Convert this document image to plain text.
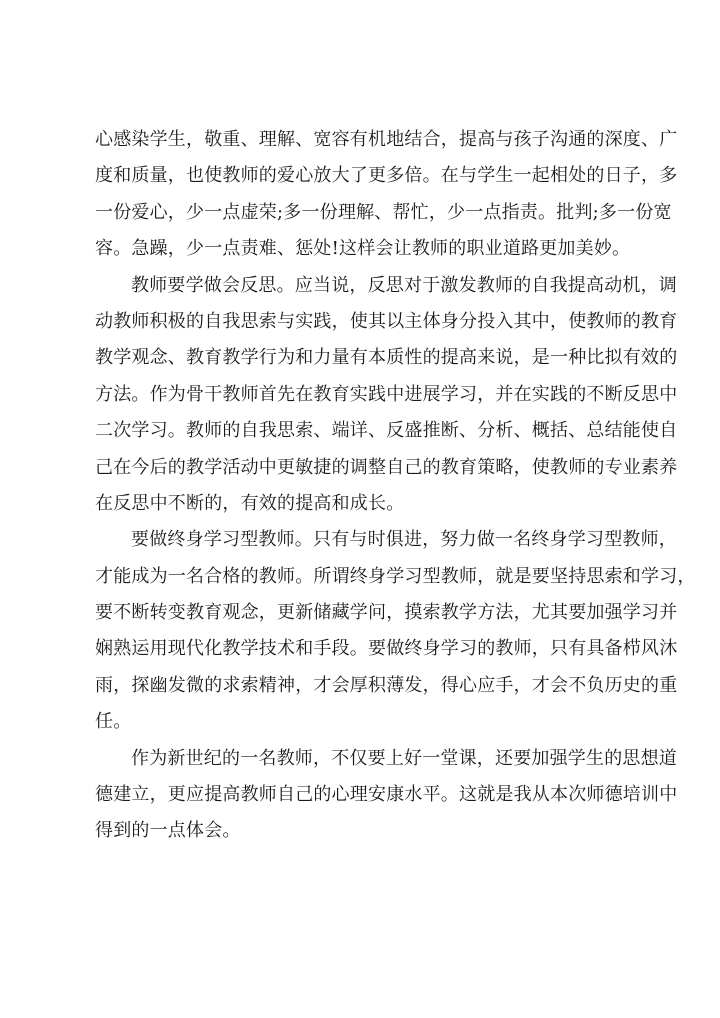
心感染学生，敬重、理解、宽容有机地结合，提高与孩子沟通的深度、广
度和质量，也使教师的爱心放大了更多倍。在与学生一起相处的日子，多
一份爱心，少一点虚荣;多一份理解、帮忙，少一点指责。批判;多一份宽
容。急躁，少一点责难、惩处!这样会让教师的职业道路更加美妙。
教师要学做会反思。应当说，反思对于激发教师的自我提高动机，调
动教师积极的自我思索与实践，使其以主体身分投入其中，使教师的教育
教学观念、教育教学行为和力量有本质性的提高来说，是一种比拟有效的
方法。作为骨干教师首先在教育实践中进展学习，并在实践的不断反思中
二次学习。教师的自我思索、端详、反盛推断、分析、概括、总结能使自
己在今后的教学活动中更敏捷的调整自己的教育策略，使教师的专业素养
在反思中不断的，有效的提高和成长。
要做终身学习型教师。只有与时俱进，努力做一名终身学习型教师，
才能成为一名合格的教师。所谓终身学习型教师，就是要坚持思索和学习，
要不断转变教育观念，更新储藏学问，摸索教学方法，尤其要加强学习并
娴熟运用现代化教学技术和手段。要做终身学习的教师，只有具备栉风沐
雨，探幽发微的求索精神，才会厚积薄发，得心应手，才会不负历史的重
任。
作为新世纪的一名教师，不仅要上好一堂课，还要加强学生的思想道
德建立，更应提高教师自己的心理安康水平。这就是我从本次师德培训中
得到的一点体会。
